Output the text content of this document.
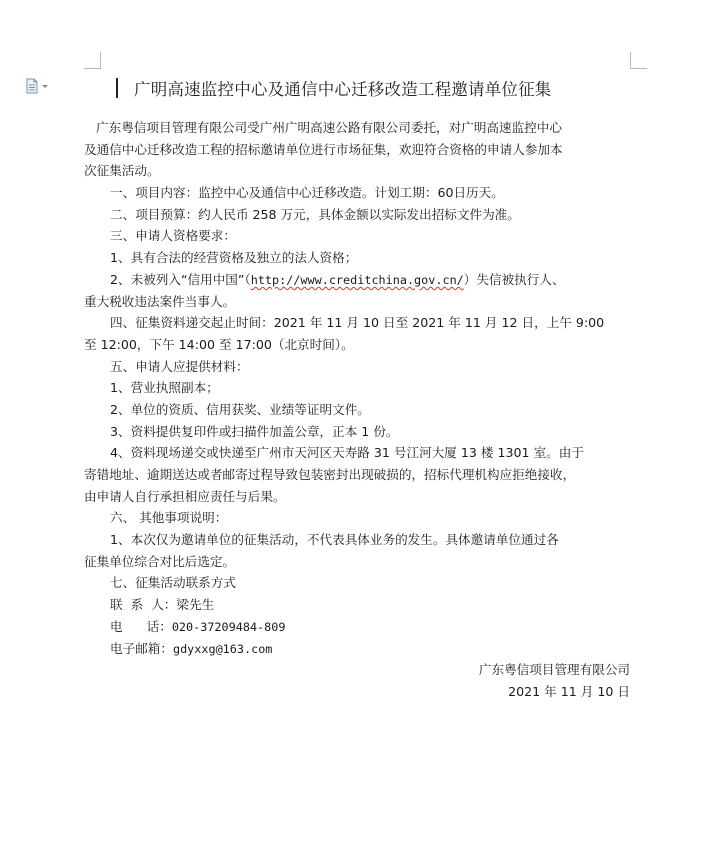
广明高速监控中心及通信中心迁移改造工程邀请单位征集
广东粤信项目管理有限公司受广州广明高速公路有限公司委托，对广明高速监控中心
及通信中心迁移改造工程的招标邀请单位进行市场征集，欢迎符合资格的申请人参加本
次征集活动。
一、项目内容：监控中心及通信中心迁移改造。计划工期：60日历天。
二、项目预算：约人民币 258 万元，具体金额以实际发出招标文件为准。
三、申请人资格要求：
1、具有合法的经营资格及独立的法人资格；
2、未被列入“信用中国”（http://www.creditchina.gov.cn/）失信被执行人、
重大税收违法案件当事人。
四、征集资料递交起止时间：2021 年 11 月 10 日至 2021 年 11 月 12 日，上午 9:00
至 12:00，下午 14:00 至 17:00（北京时间）。
五、申请人应提供材料：
1、营业执照副本；
2、单位的资质、信用获奖、业绩等证明文件。
3、资料提供复印件或扫描件加盖公章，正本 1 份。
4、资料现场递交或快递至广州市天河区天寿路 31 号江河大厦 13 楼 1301 室。由于
寄错地址、逾期送达或者邮寄过程导致包装密封出现破损的，招标代理机构应拒绝接收，
由申请人自行承担相应责任与后果。
六、 其他事项说明：
1、本次仅为邀请单位的征集活动，不代表具体业务的发生。具体邀请单位通过各
征集单位综合对比后选定。
七、征集活动联系方式
联  系  人：梁先生
电      话：020-37209484-809
电子邮箱：gdyxxg@163.com
广东粤信项目管理有限公司
2021 年 11 月 10 日
